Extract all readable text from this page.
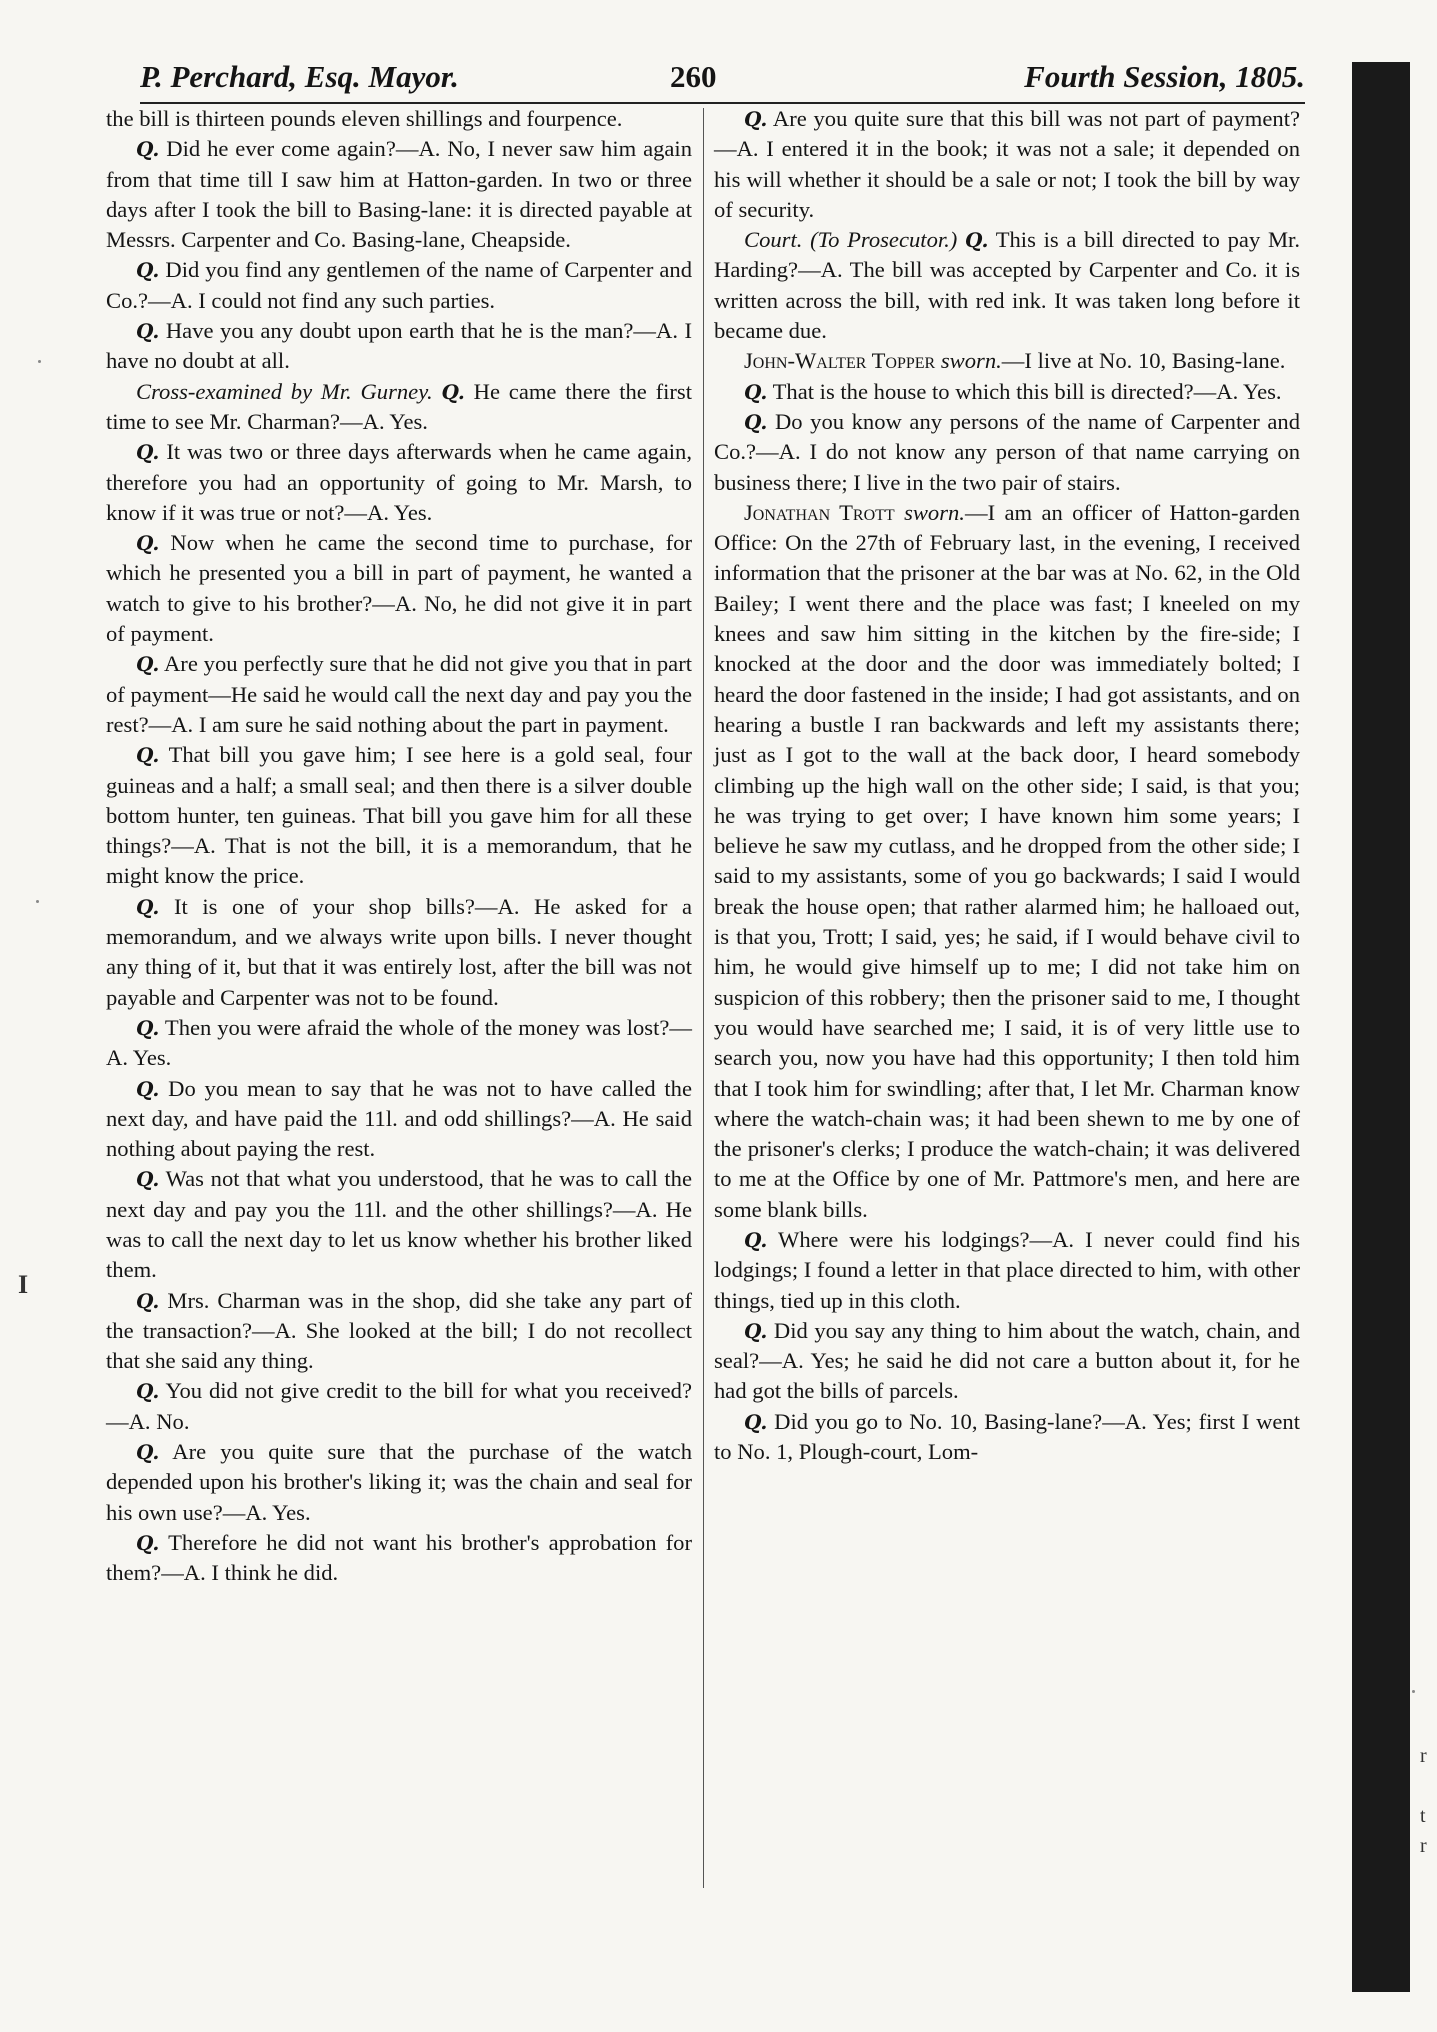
P. Perchard, Esq. Mayor.	260	Fourth Session, 1805.

the bill is thirteen pounds eleven shillings and fourpence.

Q. Did he ever come again?—A. No, I never saw him again from that time till I saw him at Hatton-garden. In two or three days after I took the bill to Basing-lane: it is directed payable at Messrs. Carpenter and Co. Basing-lane, Cheapside.

Q. Did you find any gentlemen of the name of Carpenter and Co.?—A. I could not find any such parties.

Q. Have you any doubt upon earth that he is the man?—A. I have no doubt at all.

Cross-examined by Mr. Gurney. Q. He came there the first time to see Mr. Charman?—A. Yes.

Q. It was two or three days afterwards when he came again, therefore you had an opportunity of going to Mr. Marsh, to know if it was true or not?—A. Yes.

Q. Now when he came the second time to purchase, for which he presented you a bill in part of payment, he wanted a watch to give to his brother?—A. No, he did not give it in part of payment.

Q. Are you perfectly sure that he did not give you that in part of payment—He said he would call the next day and pay you the rest?—A. I am sure he said nothing about the part in payment.

Q. That bill you gave him; I see here is a gold seal, four guineas and a half; a small seal; and then there is a silver double bottom hunter, ten guineas. That bill you gave him for all these things?—A. That is not the bill, it is a memorandum, that he might know the price.

Q. It is one of your shop bills?—A. He asked for a memorandum, and we always write upon bills. I never thought any thing of it, but that it was entirely lost, after the bill was not payable and Carpenter was not to be found.

Q. Then you were afraid the whole of the money was lost?—A. Yes.

Q. Do you mean to say that he was not to have called the next day, and have paid the 11l. and odd shillings?—A. He said nothing about paying the rest.

Q. Was not that what you understood, that he was to call the next day and pay you the 11l. and the other shillings?—A. He was to call the next day to let us know whether his brother liked them.

Q. Mrs. Charman was in the shop, did she take any part of the transaction?—A. She looked at the bill; I do not recollect that she said any thing.

Q. You did not give credit to the bill for what you received?—A. No.

Q. Are you quite sure that the purchase of the watch depended upon his brother's liking it; was the chain and seal for his own use?—A. Yes.

Q. Therefore he did not want his brother's approbation for them?—A. I think he did.

Q. Are you quite sure that this bill was not part of payment?—A. I entered it in the book; it was not a sale; it depended on his will whether it should be a sale or not; I took the bill by way of security.

Court. (To Prosecutor.) Q. This is a bill directed to pay Mr. Harding?—A. The bill was accepted by Carpenter and Co. it is written across the bill, with red ink. It was taken long before it became due.

John-Walter Topper sworn.—I live at No. 10, Basing-lane.

Q. That is the house to which this bill is directed?—A. Yes.

Q. Do you know any persons of the name of Carpenter and Co.?—A. I do not know any person of that name carrying on business there; I live in the two pair of stairs.

Jonathan Trott sworn.—I am an officer of Hatton-garden Office: On the 27th of February last, in the evening, I received information that the prisoner at the bar was at No. 62, in the Old Bailey; I went there and the place was fast; I kneeled on my knees and saw him sitting in the kitchen by the fire-side; I knocked at the door and the door was immediately bolted; I heard the door fastened in the inside; I had got assistants, and on hearing a bustle I ran backwards and left my assistants there; just as I got to the wall at the back door, I heard somebody climbing up the high wall on the other side; I said, is that you; he was trying to get over; I have known him some years; I believe he saw my cutlass, and he dropped from the other side; I said to my assistants, some of you go backwards; I said I would break the house open; that rather alarmed him; he halloaed out, is that you, Trott; I said, yes; he said, if I would behave civil to him, he would give himself up to me; I did not take him on suspicion of this robbery; then the prisoner said to me, I thought you would have searched me; I said, it is of very little use to search you, now you have had this opportunity; I then told him that I took him for swindling; after that, I let Mr. Charman know where the watch-chain was; it had been shewn to me by one of the prisoner's clerks; I produce the watch-chain; it was delivered to me at the Office by one of Mr. Pattmore's men, and here are some blank bills.

Q. Where were his lodgings?—A. I never could find his lodgings; I found a letter in that place directed to him, with other things, tied up in this cloth.

Q. Did you say any thing to him about the watch, chain, and seal?—A. Yes; he said he did not care a button about it, for he had got the bills of parcels.

Q. Did you go to No. 10, Basing-lane?—A. Yes; first I went to No. 1, Plough-court, Lom-

I
r
t
r
